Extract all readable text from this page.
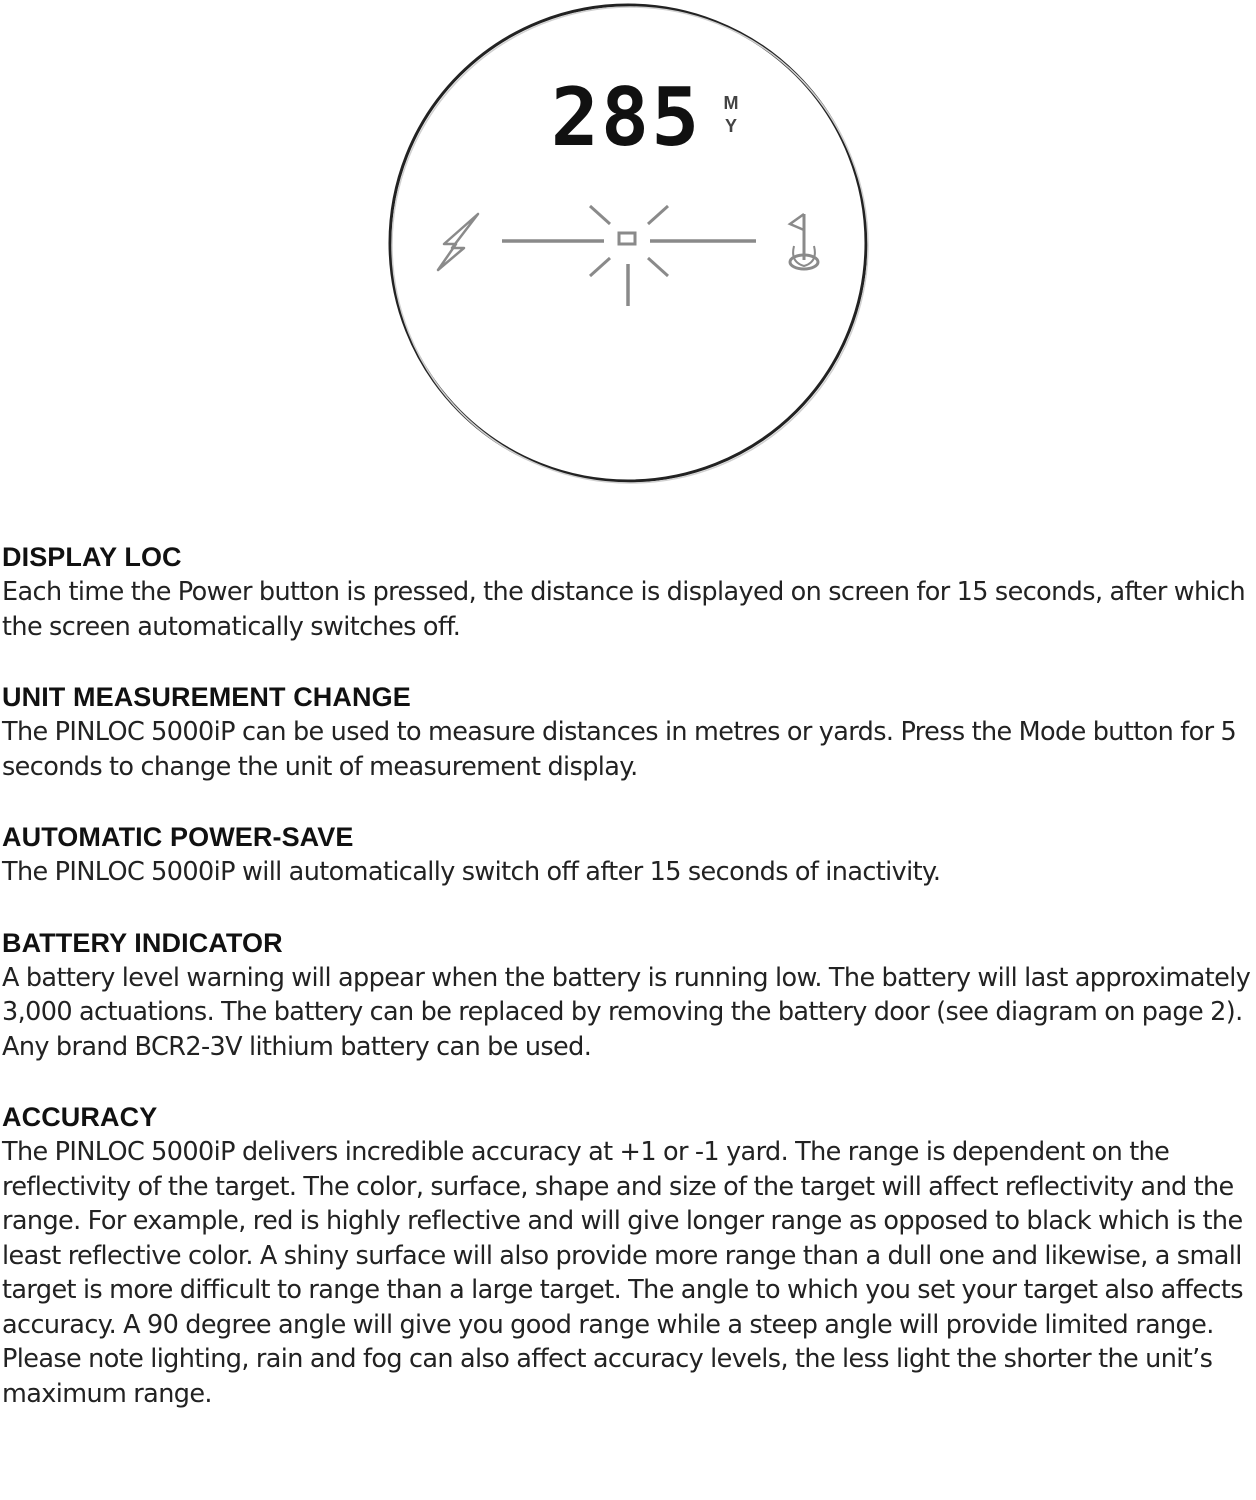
285 M
Y
DISPLAY LOC

Each time the Power button is pressed, the distance is displayed on screen for 15 seconds, after which the screen automatically switches off.

UNIT MEASUREMENT CHANGE

The PINLOC 5000iP can be used to measure distances in metres or yards. Press the Mode button for 5 seconds to change the unit of measurement display.

AUTOMATIC POWER-SAVE

The PINLOC 5000iP will automatically switch off after 15 seconds of inactivity.

BATTERY INDICATOR

A battery level warning will appear when the battery is running low. The battery will last approximately 3,000 actuations. The battery can be replaced by removing the battery door (see diagram on page 2). Any brand BCR2-3V lithium battery can be used.

ACCURACY

The PINLOC 5000iP delivers incredible accuracy at +1 or -1 yard. The range is dependent on the reflectivity of the target. The color, surface, shape and size of the target will affect reflectivity and the range. For example, red is highly reflective and will give longer range as opposed to black which is the least reflective color. A shiny surface will also provide more range than a dull one and likewise, a small target is more difficult to range than a large target. The angle to which you set your target also affects accuracy. A 90 degree angle will give you good range while a steep angle will provide limited range. Please note lighting, rain and fog can also affect accuracy levels, the less light the shorter the unit’s maximum range.
